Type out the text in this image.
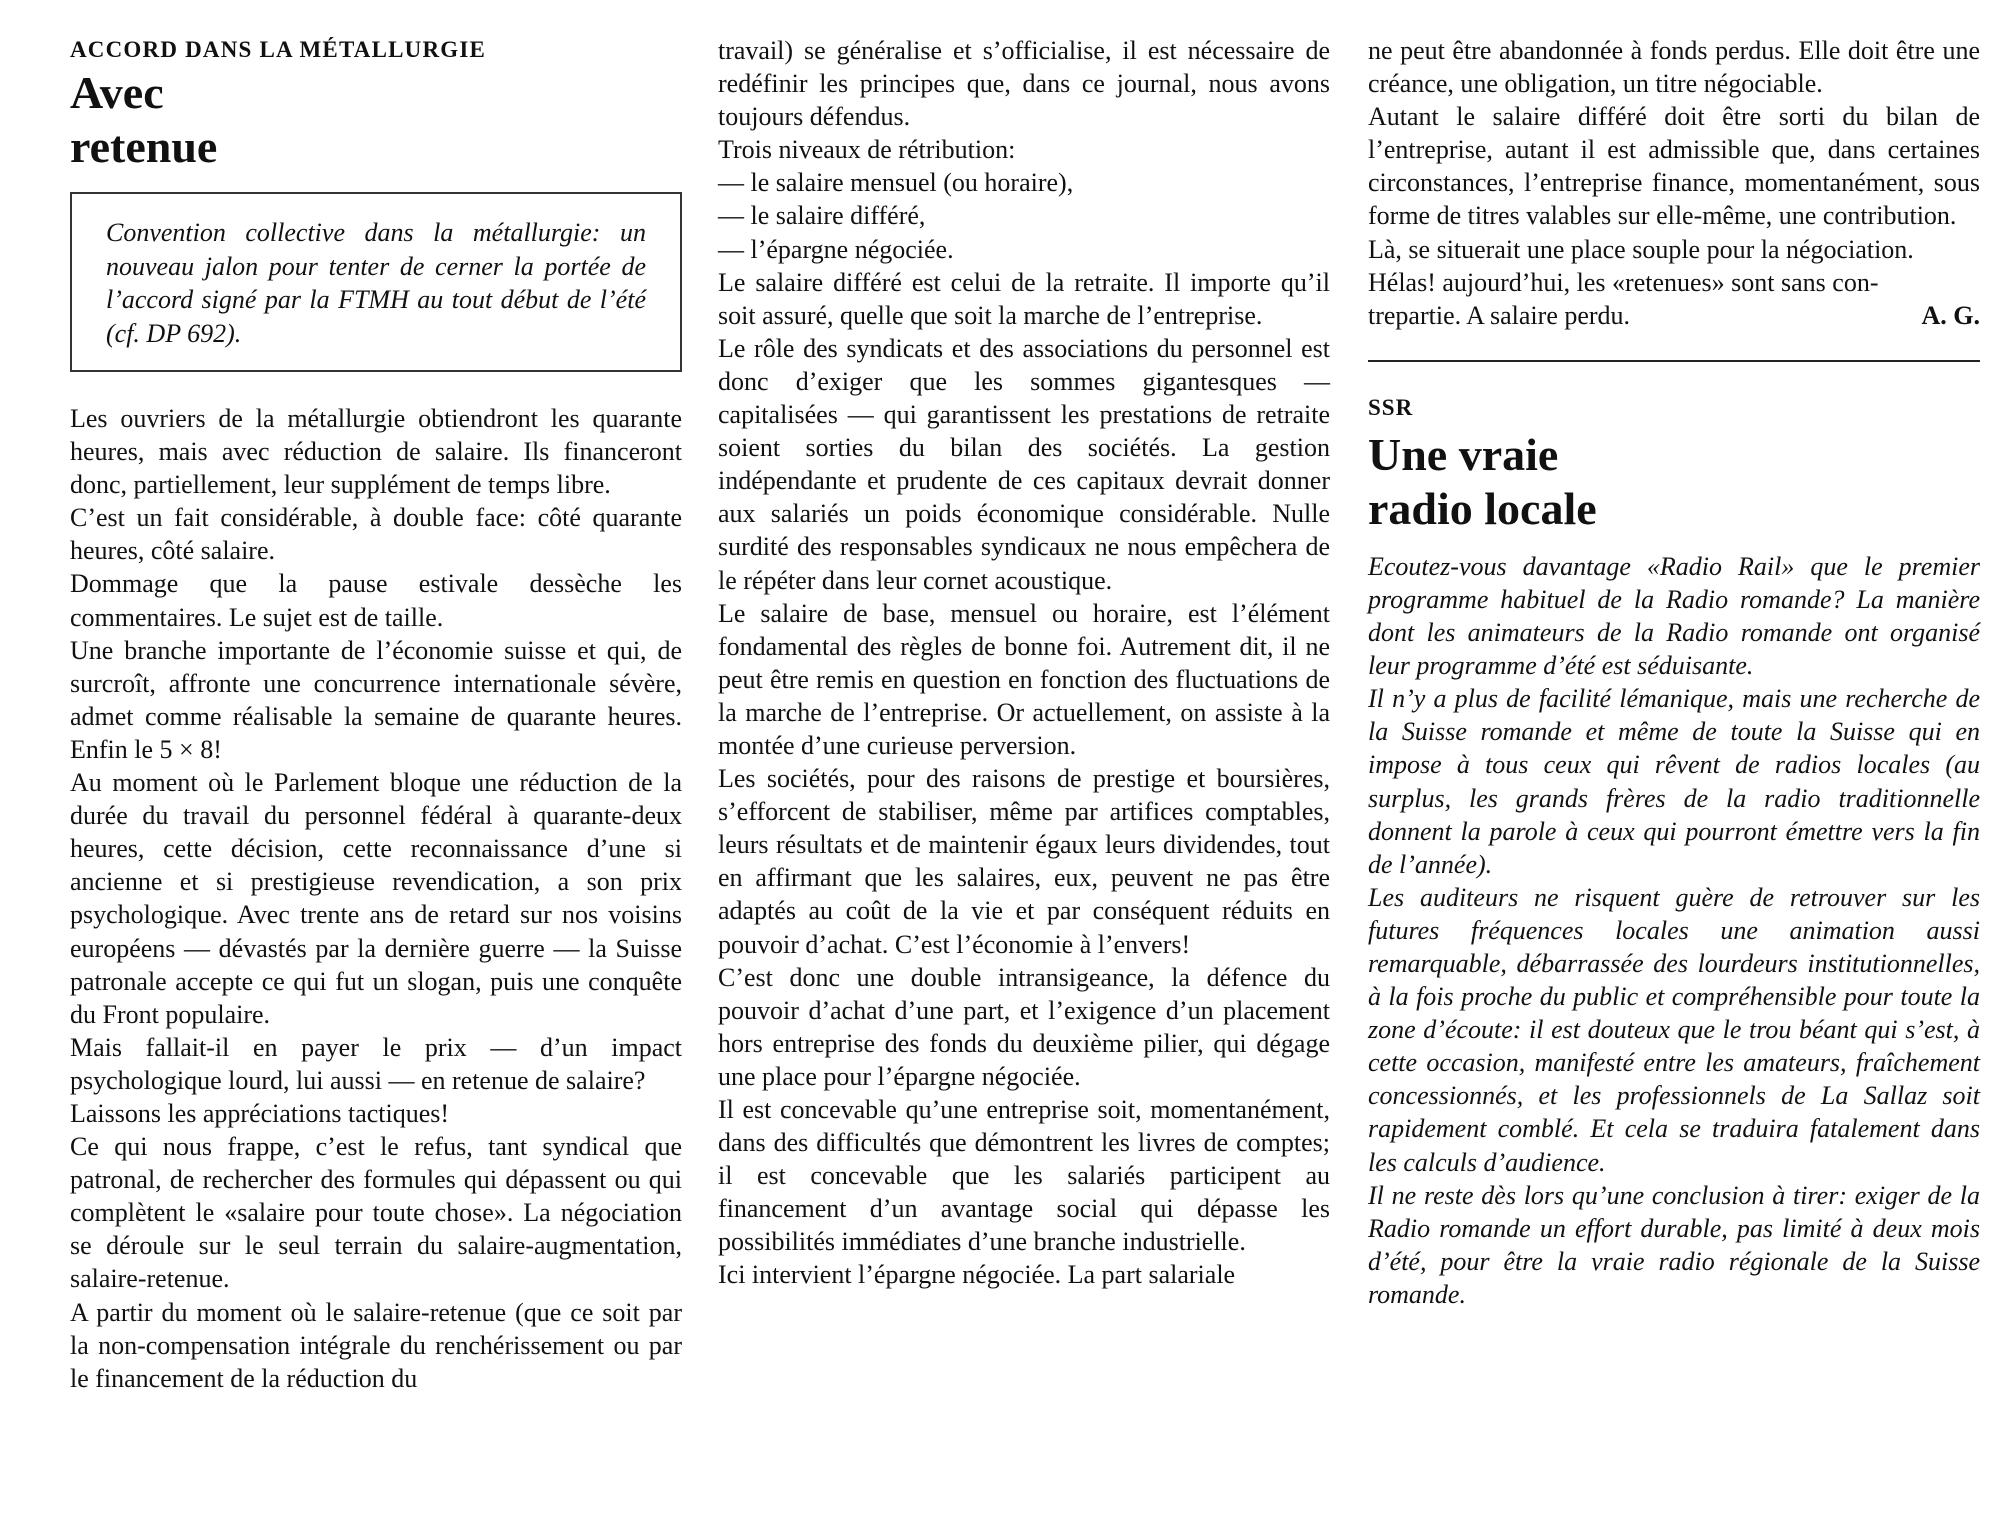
ACCORD DANS LA MÉTALLURGIE
Avec
retenue

Convention collective dans la métallurgie: un nouveau jalon pour tenter de cerner la portée de l’accord signé par la FTMH au tout début de l’été (cf. DP 692).

Les ouvriers de la métallurgie obtiendront les quarante heures, mais avec réduction de salaire. Ils financeront donc, partiellement, leur supplément de temps libre.

C’est un fait considérable, à double face: côté quarante heures, côté salaire.

Dommage que la pause estivale dessèche les commentaires. Le sujet est de taille.

Une branche importante de l’économie suisse et qui, de surcroît, affronte une concurrence internationale sévère, admet comme réalisable la semaine de quarante heures. Enfin le 5 × 8!

Au moment où le Parlement bloque une réduction de la durée du travail du personnel fédéral à quarante-deux heures, cette décision, cette reconnaissance d’une si ancienne et si prestigieuse revendication, a son prix psychologique. Avec trente ans de retard sur nos voisins européens — dévastés par la dernière guerre — la Suisse patronale accepte ce qui fut un slogan, puis une conquête du Front populaire.

Mais fallait-il en payer le prix — d’un impact psychologique lourd, lui aussi — en retenue de salaire?

Laissons les appréciations tactiques!

Ce qui nous frappe, c’est le refus, tant syndical que patronal, de rechercher des formules qui dépassent ou qui complètent le «salaire pour toute chose». La négociation se déroule sur le seul terrain du salaire-augmentation, salaire-retenue.

A partir du moment où le salaire-retenue (que ce soit par la non-compensation intégrale du renchérissement ou par le financement de la réduction du

travail) se généralise et s’officialise, il est nécessaire de redéfinir les principes que, dans ce journal, nous avons toujours défendus.

Trois niveaux de rétribution:

— le salaire mensuel (ou horaire),

— le salaire différé,

— l’épargne négociée.

Le salaire différé est celui de la retraite. Il importe qu’il soit assuré, quelle que soit la marche de l’entreprise.

Le rôle des syndicats et des associations du personnel est donc d’exiger que les sommes gigantesques — capitalisées — qui garantissent les prestations de retraite soient sorties du bilan des sociétés. La gestion indépendante et prudente de ces capitaux devrait donner aux salariés un poids économique considérable. Nulle surdité des responsables syndicaux ne nous empêchera de le répéter dans leur cornet acoustique.

Le salaire de base, mensuel ou horaire, est l’élément fondamental des règles de bonne foi. Autrement dit, il ne peut être remis en question en fonction des fluctuations de la marche de l’entreprise. Or actuellement, on assiste à la montée d’une curieuse perversion.

Les sociétés, pour des raisons de prestige et boursières, s’efforcent de stabiliser, même par artifices comptables, leurs résultats et de maintenir égaux leurs dividendes, tout en affirmant que les salaires, eux, peuvent ne pas être adaptés au coût de la vie et par conséquent réduits en pouvoir d’achat. C’est l’économie à l’envers!

C’est donc une double intransigeance, la défence du pouvoir d’achat d’une part, et l’exigence d’un placement hors entreprise des fonds du deuxième pilier, qui dégage une place pour l’épargne négociée.

Il est concevable qu’une entreprise soit, momentanément, dans des difficultés que démontrent les livres de comptes; il est concevable que les salariés participent au financement d’un avantage social qui dépasse les possibilités immédiates d’une branche industrielle.

Ici intervient l’épargne négociée. La part salariale

ne peut être abandonnée à fonds perdus. Elle doit être une créance, une obligation, un titre négociable.

Autant le salaire différé doit être sorti du bilan de l’entreprise, autant il est admissible que, dans certaines circonstances, l’entreprise finance, momentanément, sous forme de titres valables sur elle-même, une contribution.

Là, se situerait une place souple pour la négociation.

Hélas! aujourd’hui, les «retenues» sont sans con-

trepartie. A salaire perdu.	A. G.

SSR
Une vraie
radio locale

Ecoutez-vous davantage «Radio Rail» que le premier programme habituel de la Radio romande? La manière dont les animateurs de la Radio romande ont organisé leur programme d’été est séduisante.

Il n’y a plus de facilité lémanique, mais une recherche de la Suisse romande et même de toute la Suisse qui en impose à tous ceux qui rêvent de radios locales (au surplus, les grands frères de la radio traditionnelle donnent la parole à ceux qui pourront émettre vers la fin de l’année).

Les auditeurs ne risquent guère de retrouver sur les futures fréquences locales une animation aussi remarquable, débarrassée des lourdeurs institutionnelles, à la fois proche du public et compréhensible pour toute la zone d’écoute: il est douteux que le trou béant qui s’est, à cette occasion, manifesté entre les amateurs, fraîchement concessionnés, et les professionnels de La Sallaz soit rapidement comblé. Et cela se traduira fatalement dans les calculs d’audience.

Il ne reste dès lors qu’une conclusion à tirer: exiger de la Radio romande un effort durable, pas limité à deux mois d’été, pour être la vraie radio régionale de la Suisse romande.
